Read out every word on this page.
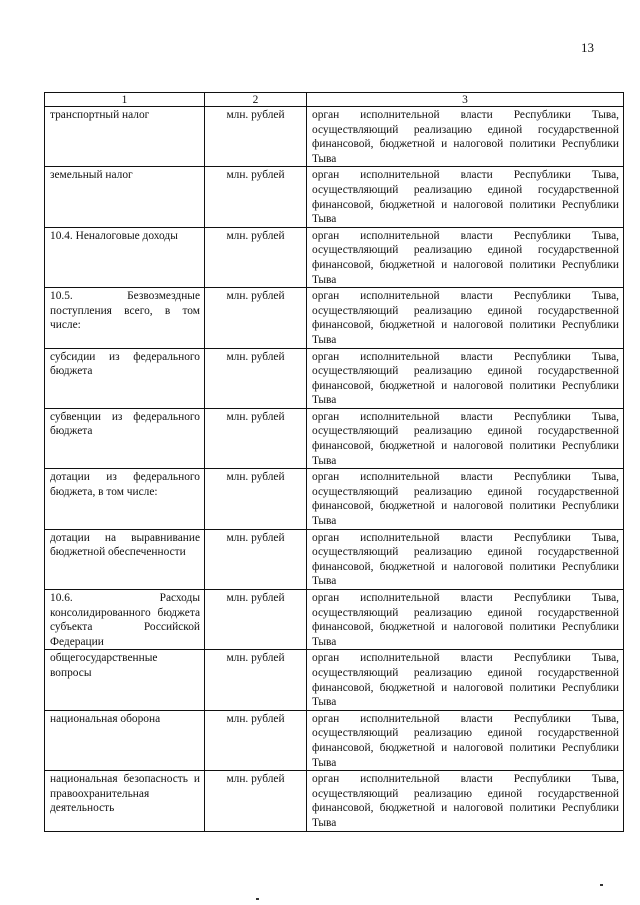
13
1	2	3
транспортный налог	млн. рублей	орган исполнительной власти Республики Тыва, осуществляющий реализацию единой государственной финансовой, бюджетной и налоговой политики Республики Тыва
земельный налог	млн. рублей	орган исполнительной власти Республики Тыва, осуществляющий реализацию единой государственной финансовой, бюджетной и налоговой политики Республики Тыва
10.4. Неналоговые доходы	млн. рублей	орган исполнительной власти Республики Тыва, осуществляющий реализацию единой государственной финансовой, бюджетной и налоговой политики Республики Тыва
10.5. Безвозмездные поступления всего, в том числе:	млн. рублей	орган исполнительной власти Республики Тыва, осуществляющий реализацию единой государственной финансовой, бюджетной и налоговой политики Республики Тыва
субсидии из федерального бюджета	млн. рублей	орган исполнительной власти Республики Тыва, осуществляющий реализацию единой государственной финансовой, бюджетной и налоговой политики Республики Тыва
субвенции из федерального бюджета	млн. рублей	орган исполнительной власти Республики Тыва, осуществляющий реализацию единой государственной финансовой, бюджетной и налоговой политики Республики Тыва
дотации из федерального бюджета, в том числе:	млн. рублей	орган исполнительной власти Республики Тыва, осуществляющий реализацию единой государственной финансовой, бюджетной и налоговой политики Республики Тыва
дотации на выравнивание бюджетной обеспеченности	млн. рублей	орган исполнительной власти Республики Тыва, осуществляющий реализацию единой государственной финансовой, бюджетной и налоговой политики Республики Тыва
10.6. Расходы консолидированного бюджета субъекта Российской Федерации	млн. рублей	орган исполнительной власти Республики Тыва, осуществляющий реализацию единой государственной финансовой, бюджетной и налоговой политики Республики Тыва
общегосударственные вопросы	млн. рублей	орган исполнительной власти Республики Тыва, осуществляющий реализацию единой государственной финансовой, бюджетной и налоговой политики Республики Тыва
национальная оборона	млн. рублей	орган исполнительной власти Республики Тыва, осуществляющий реализацию единой государственной финансовой, бюджетной и налоговой политики Республики Тыва
национальная безопасность и правоохранительная деятельность	млн. рублей	орган исполнительной власти Республики Тыва, осуществляющий реализацию единой государственной финансовой, бюджетной и налоговой политики Республики Тыва
